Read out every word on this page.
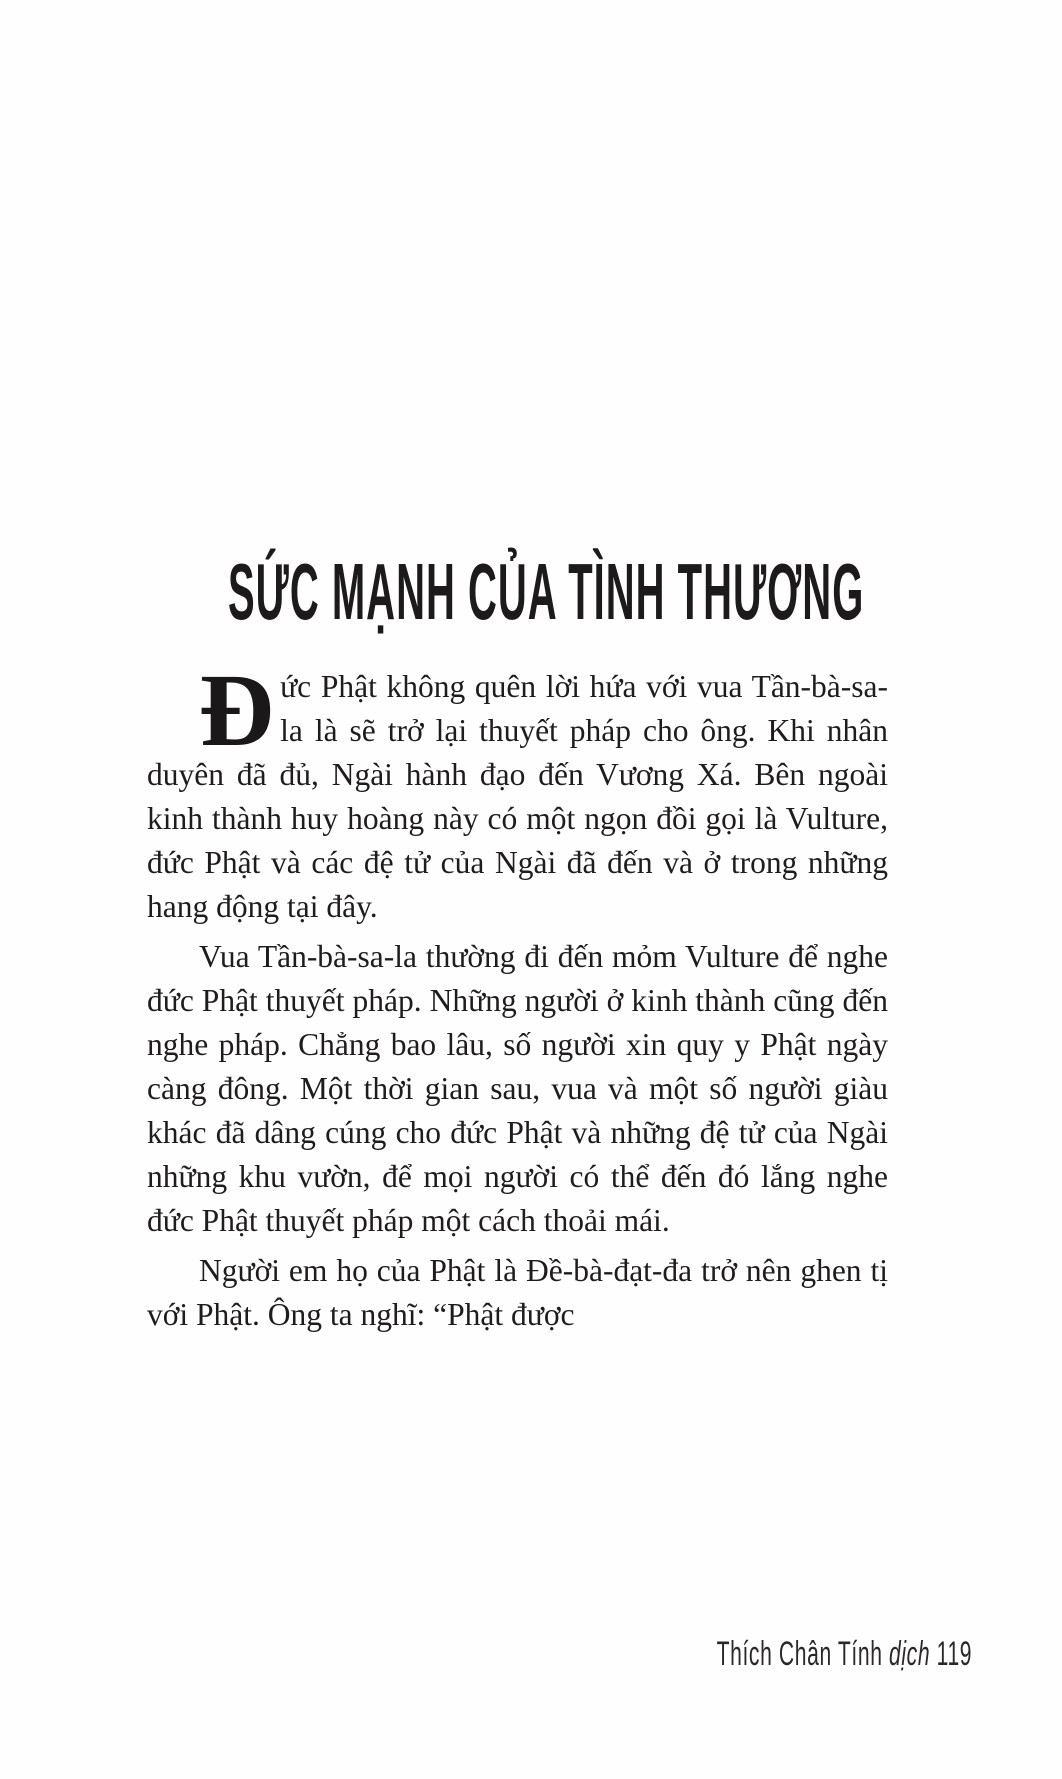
SỨC MẠNH CỦA TÌNH THƯƠNG

Đức Phật không quên lời hứa với vua Tần-bà-sa-la là sẽ trở lại thuyết pháp cho ông. Khi nhân duyên đã đủ, Ngài hành đạo đến Vương Xá. Bên ngoài kinh thành huy hoàng này có một ngọn đồi gọi là Vulture, đức Phật và các đệ tử của Ngài đã đến và ở trong những hang động tại đây.

Vua Tần-bà-sa-la thường đi đến mỏm Vulture để nghe đức Phật thuyết pháp. Những người ở kinh thành cũng đến nghe pháp. Chẳng bao lâu, số người xin quy y Phật ngày càng đông. Một thời gian sau, vua và một số người giàu khác đã dâng cúng cho đức Phật và những đệ tử của Ngài những khu vườn, để mọi người có thể đến đó lắng nghe đức Phật thuyết pháp một cách thoải mái.

Người em họ của Phật là Đề-bà-đạt-đa trở nên ghen tị với Phật. Ông ta nghĩ: “Phật được

Thích Chân Tính dịch 119
